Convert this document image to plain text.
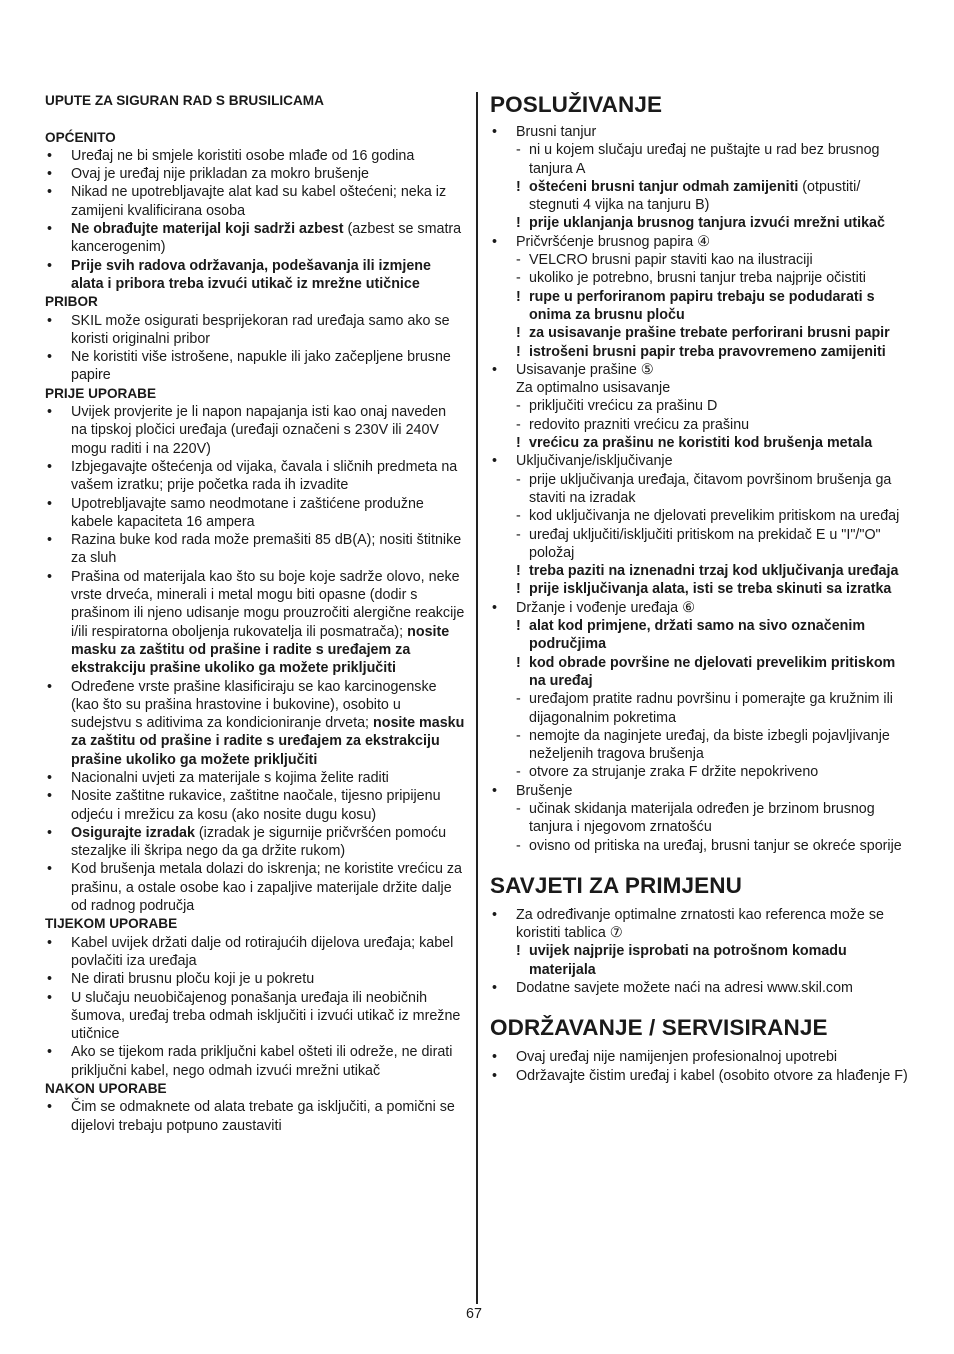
UPUTE ZA SIGURAN RAD S BRUSILICAMA
OPĆENITO
• Uređaj ne bi smjele koristiti osobe mlađe od 16 godina
• Ovaj je uređaj nije prikladan za mokro brušenje
• Nikad ne upotrebljavajte alat kad su kabel oštećeni; neka iz zamijeni kvalificirana osoba
• Ne obrađujte materijal koji sadrži azbest (azbest se smatra kancerogenim)
• Prije svih radova održavanja, podešavanja ili izmjene alata i pribora treba izvući utikač iz mrežne utičnice
PRIBOR
• SKIL može osigurati besprijekoran rad uređaja samo ako se koristi originalni pribor
• Ne koristiti više istrošene, napukle ili jako začepljene brusne papire
PRIJE UPORABE
• Uvijek provjerite je li napon napajanja isti kao onaj naveden na tipskoj pločici uređaja (uređaji označeni s 230V ili 240V mogu raditi i na 220V)
• Izbjegavajte oštećenja od vijaka, čavala i sličnih predmeta na vašem izratku; prije početka rada ih izvadite
• Upotrebljavajte samo neodmotane i zaštićene produžne kabele kapaciteta 16 ampera
• Razina buke kod rada može premašiti 85 dB(A); nositi štitnike za sluh
• Prašina od materijala kao što su boje koje sadrže olovo, neke vrste drveća, minerali i metal mogu biti opasne (dodir s prašinom ili njeno udisanje mogu prouzročiti alergične reakcije i/ili respiratorna oboljenja rukovatelja ili posmatrača); nosite masku za zaštitu od prašine i radite s uređajem za ekstrakciju prašine ukoliko ga možete priključiti
• Određene vrste prašine klasificiraju se kao karcinogenske (kao što su prašina hrastovine i bukovine), osobito u sudejstvu s aditivima za kondicioniranje drveta; nosite masku za zaštitu od prašine i radite s uređajem za ekstrakciju prašine ukoliko ga možete priključiti
• Nacionalni uvjeti za materijale s kojima želite raditi
• Nosite zaštitne rukavice, zaštitne naočale, tijesno pripijenu odjeću i mrežicu za kosu (ako nosite dugu kosu)
• Osigurajte izradak (izradak je sigurnije pričvršćen pomoću stezaljke ili škripa nego da ga držite rukom)
• Kod brušenja metala dolazi do iskrenja; ne koristite vrećicu za prašinu, a ostale osobe kao i zapaljive materijale držite dalje od radnog područja
TIJEKOM UPORABE
• Kabel uvijek držati dalje od rotirajućih dijelova uređaja; kabel povlačiti iza uređaja
• Ne dirati brusnu ploču koji je u pokretu
• U slučaju neuobičajenog ponašanja uređaja ili neobičnih šumova, uređaj treba odmah isključiti i izvući utikač iz mrežne utičnice
• Ako se tijekom rada priključni kabel ošteti ili odreže, ne dirati priključni kabel, nego odmah izvući mrežni utikač
NAKON UPORABE
• Čim se odmaknete od alata trebate ga isključiti, a pomični se dijelovi trebaju potpuno zaustaviti
POSLUŽIVANJE
• Brusni tanjur
- ni u kojem slučaju uređaj ne puštajte u rad bez brusnog tanjura A
! oštećeni brusni tanjur odmah zamijeniti (otpustiti/ stegnuti 4 vijka na tanjuru B)
! prije uklanjanja brusnog tanjura izvući mrežni utikač
• Pričvršćenje brusnog papira ④
- VELCRO brusni papir staviti kao na ilustraciji
- ukoliko je potrebno, brusni tanjur treba najprije očistiti
! rupe u perforiranom papiru trebaju se podudarati s onima za brusnu ploču
! za usisavanje prašine trebate perforirani brusni papir
! istrošeni brusni papir treba pravovremeno zamijeniti
• Usisavanje prašine ⑤
Za optimalno usisavanje
- priključiti vrećicu za prašinu D
- redovito prazniti vrećicu za prašinu
! vrećicu za prašinu ne koristiti kod brušenja metala
• Uključivanje/isključivanje
- prije uključivanja uređaja, čitavom površinom brušenja ga staviti na izradak
- kod uključivanja ne djelovati prevelikim pritiskom na uređaj
- uređaj uključiti/isključiti pritiskom na prekidač E u "I"/"O" položaj
! treba paziti na iznenadni trzaj kod uključivanja uređaja
! prije isključivanja alata, isti se treba skinuti sa izratka
• Držanje i vođenje uređaja ⑥
! alat kod primjene, držati samo na sivo označenim područjima
! kod obrade površine ne djelovati prevelikim pritiskom na uređaj
- uređajom pratite radnu površinu i pomerajte ga kružnim ili dijagonalnim pokretima
- nemojte da naginjete uređaj, da biste izbegli pojavljivanje neželjenih tragova brušenja
- otvore za strujanje zraka F držite nepokriveno
• Brušenje
- učinak skidanja materijala određen je brzinom brusnog tanjura i njegovom zrnatošću
- ovisno od pritiska na uređaj, brusni tanjur se okreće sporije
SAVJETI ZA PRIMJENU
• Za određivanje optimalne zrnatosti kao referenca može se koristiti tablica ⑦
! uvijek najprije isprobati na potrošnom komadu materijala
• Dodatne savjete možete naći na adresi www.skil.com
ODRŽAVANJE / SERVISIRANJE
• Ovaj uređaj nije namijenjen profesionalnoj upotrebi
• Održavajte čistim uređaj i kabel (osobito otvore za hlađenje F)
67
